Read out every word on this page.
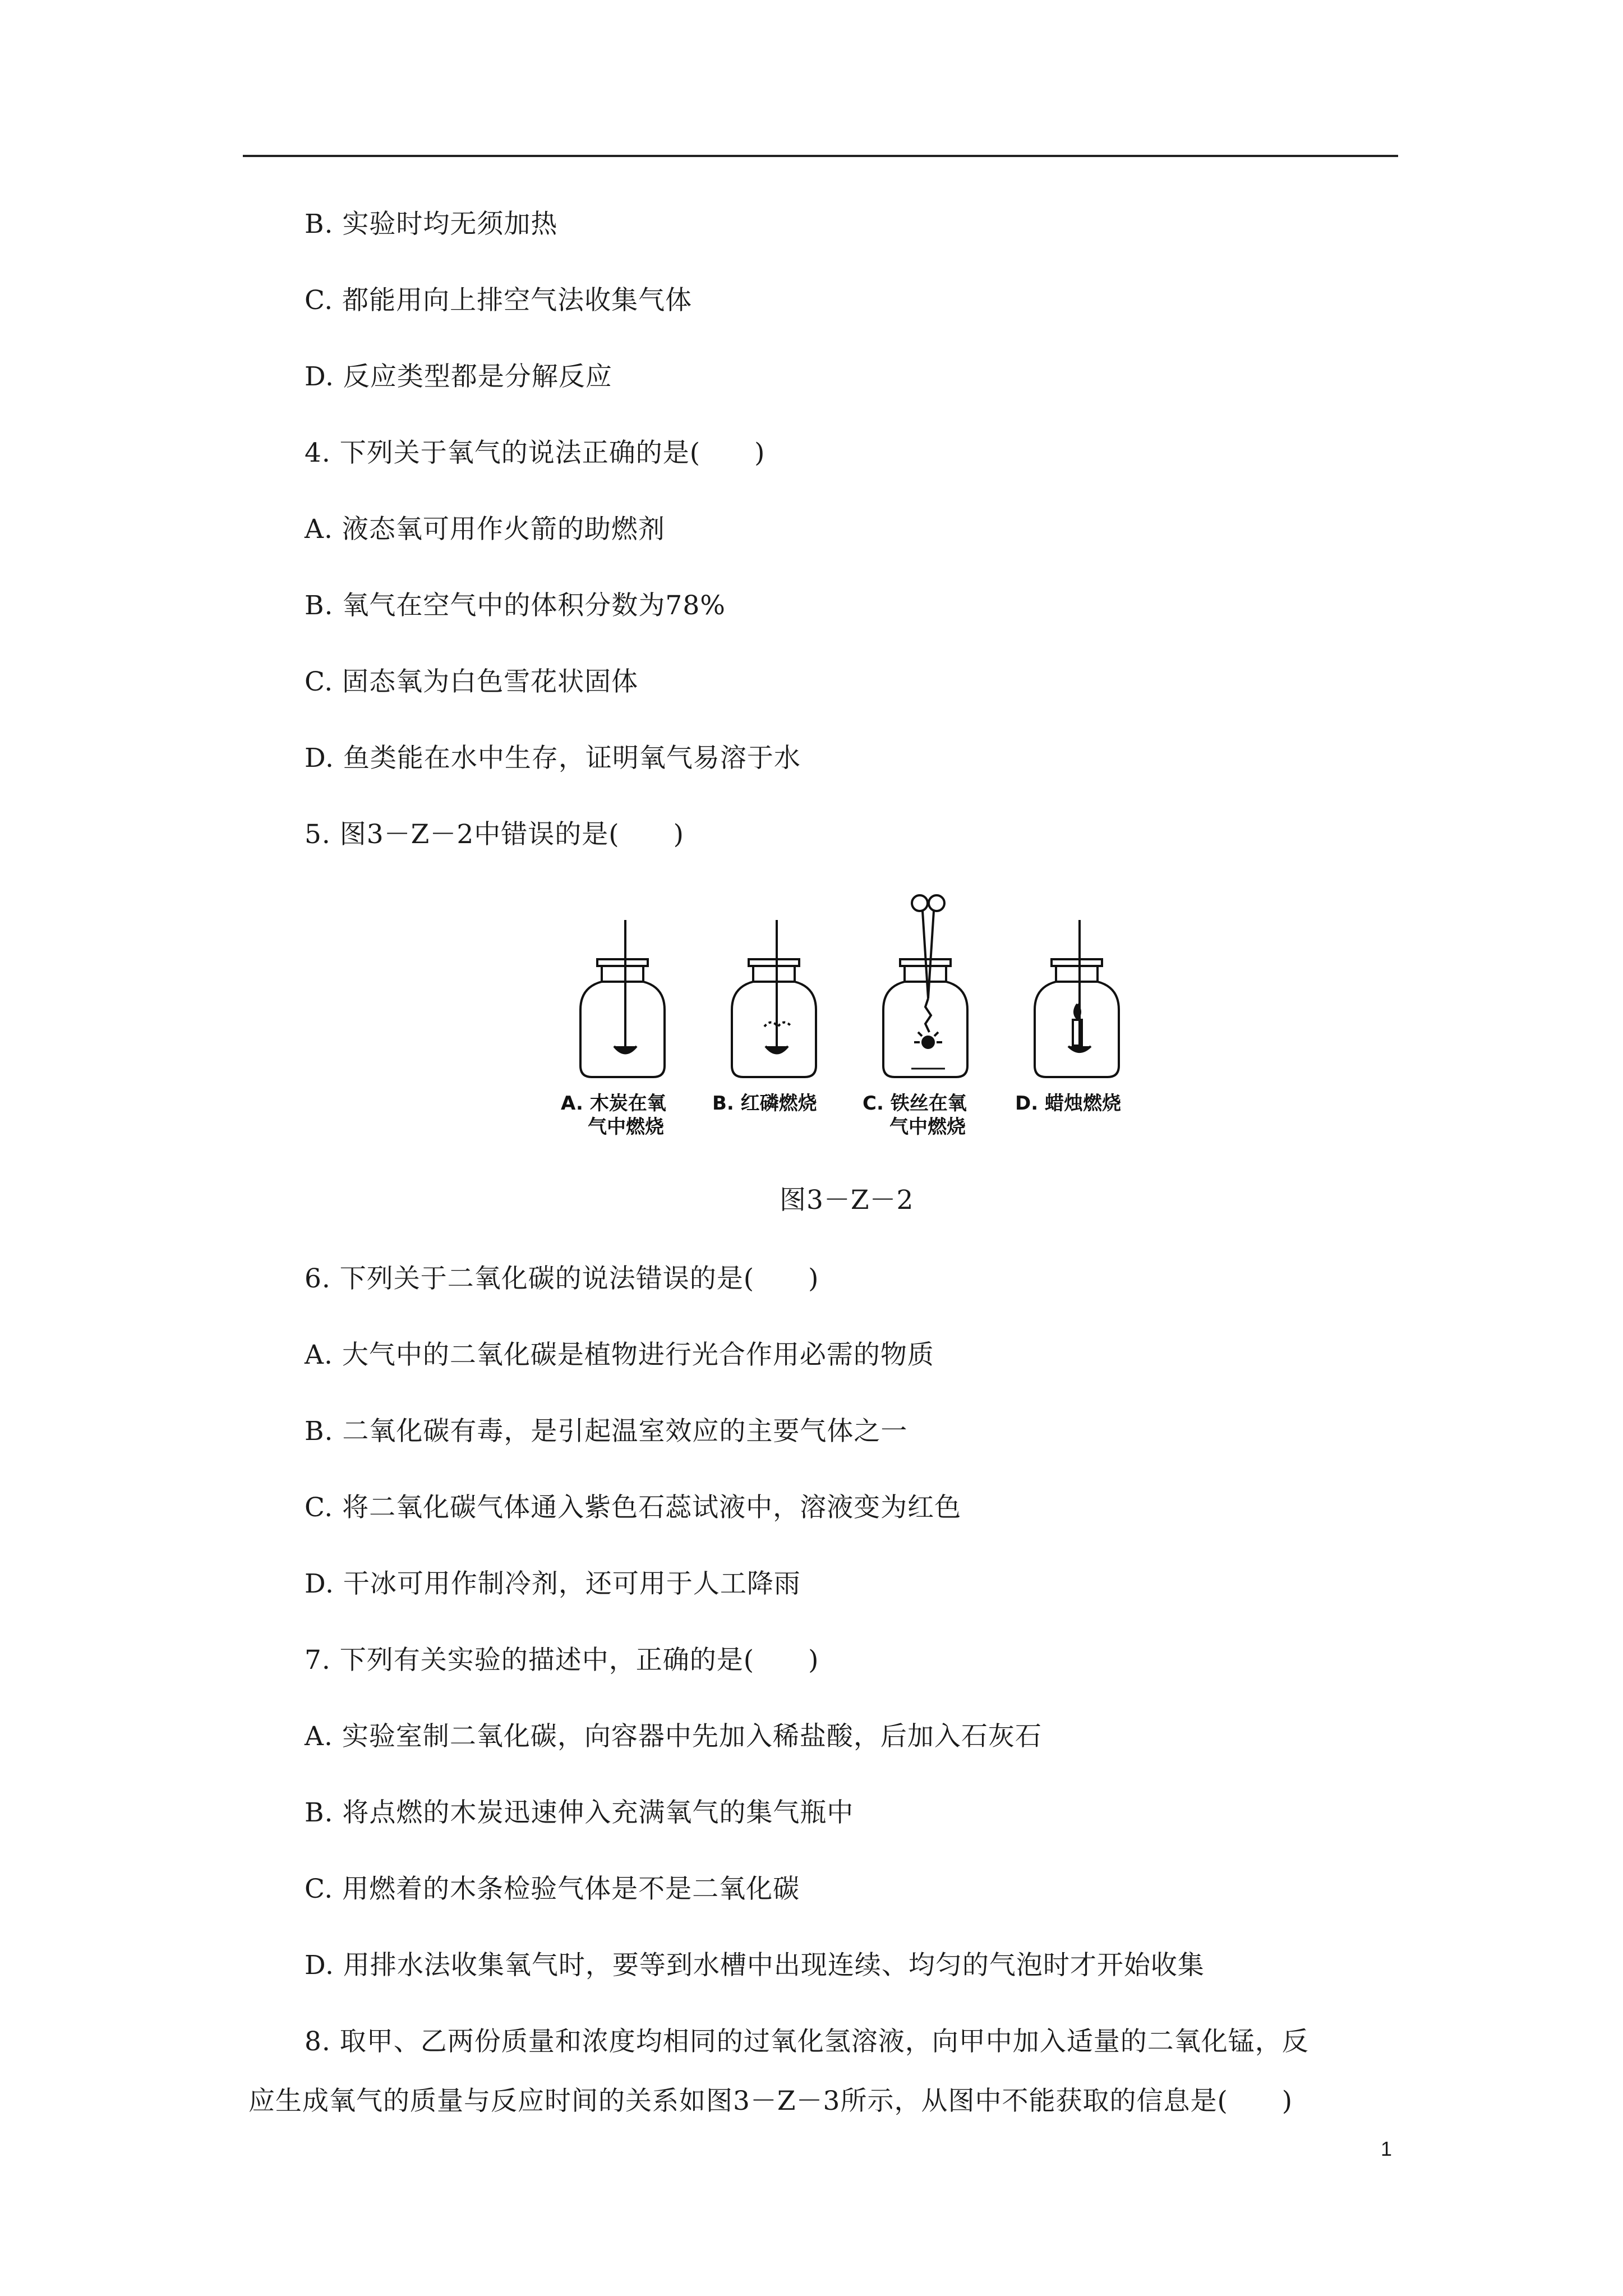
B. 实验时均无须加热
C. 都能用向上排空气法收集气体
D. 反应类型都是分解反应
4. 下列关于氧气的说法正确的是(　　)
A. 液态氧可用作火箭的助燃剂
B. 氧气在空气中的体积分数为78%
C. 固态氧为白色雪花状固体
D. 鱼类能在水中生存，证明氧气易溶于水
5. 图3－Z－2中错误的是(　　)
A. 木炭在氧
气中燃烧
B. 红磷燃烧 C. 铁丝在氧
气中燃烧
D. 蜡烛燃烧
图3－Z－2
6. 下列关于二氧化碳的说法错误的是(　　)
A. 大气中的二氧化碳是植物进行光合作用必需的物质
B. 二氧化碳有毒，是引起温室效应的主要气体之一
C. 将二氧化碳气体通入紫色石蕊试液中，溶液变为红色
D. 干冰可用作制冷剂，还可用于人工降雨
7. 下列有关实验的描述中，正确的是(　　)
A. 实验室制二氧化碳，向容器中先加入稀盐酸，后加入石灰石
B. 将点燃的木炭迅速伸入充满氧气的集气瓶中
C. 用燃着的木条检验气体是不是二氧化碳
D. 用排水法收集氧气时，要等到水槽中出现连续、均匀的气泡时才开始收集
8. 取甲、乙两份质量和浓度均相同的过氧化氢溶液，向甲中加入适量的二氧化锰，反
应生成氧气的质量与反应时间的关系如图3－Z－3所示，从图中不能获取的信息是(　　)
1
